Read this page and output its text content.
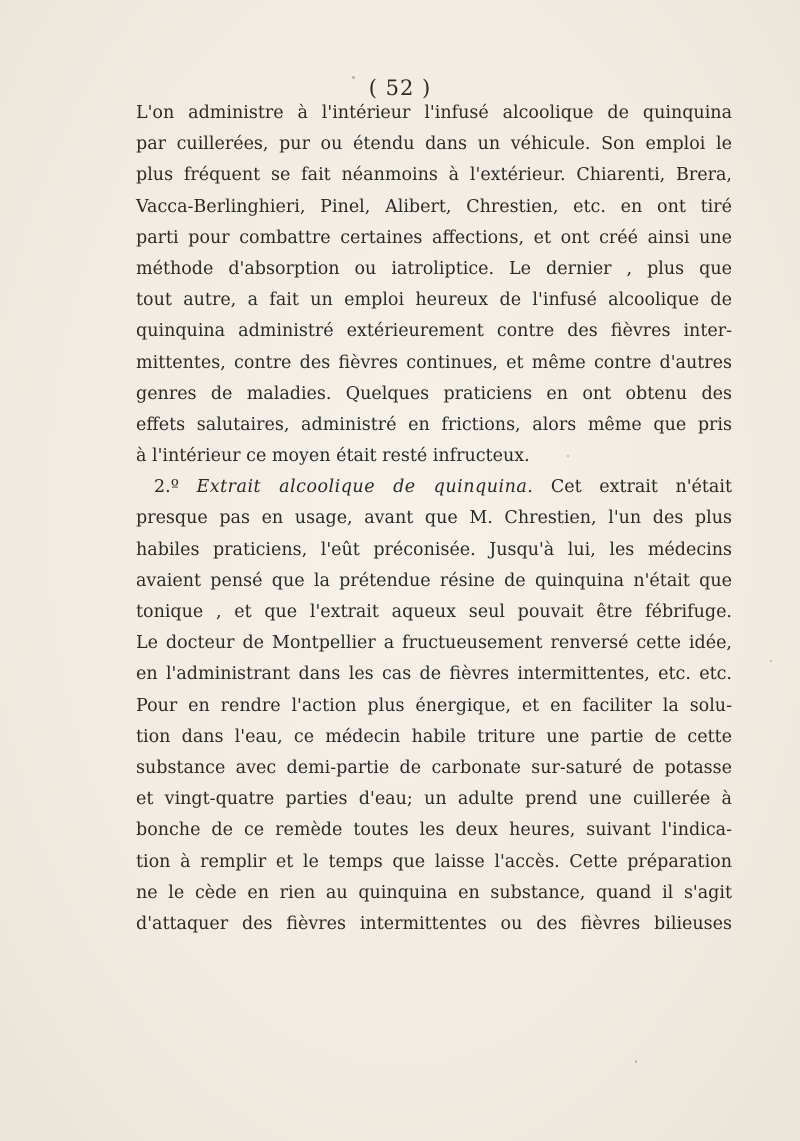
( 52 )
L'on administre à l'intérieur l'infusé alcoolique de quinquina
par cuillerées, pur ou étendu dans un véhicule. Son emploi le
plus fréquent se fait néanmoins à l'extérieur. Chiarenti, Brera,
Vacca-Berlinghieri, Pinel, Alibert, Chrestien, etc. en ont tiré
parti pour combattre certaines affections, et ont créé ainsi une
méthode d'absorption ou iatroliptice. Le dernier , plus que
tout autre, a fait un emploi heureux de l'infusé alcoolique de
quinquina administré extérieurement contre des fièvres inter-
mittentes, contre des fièvres continues, et même contre d'autres
genres de maladies. Quelques praticiens en ont obtenu des
effets salutaires, administré en frictions, alors même que pris
à l'intérieur ce moyen était resté infructeux.
2.º Extrait alcoolique de quinquina. Cet extrait n'était
presque pas en usage, avant que M. Chrestien, l'un des plus
habiles praticiens, l'eût préconisée. Jusqu'à lui, les médecins
avaient pensé que la prétendue résine de quinquina n'était que
tonique , et que l'extrait aqueux seul pouvait être fébrifuge.
Le docteur de Montpellier a fructueusement renversé cette idée,
en l'administrant dans les cas de fièvres intermittentes, etc. etc.
Pour en rendre l'action plus énergique, et en faciliter la solu-
tion dans l'eau, ce médecin habile triture une partie de cette
substance avec demi-partie de carbonate sur-saturé de potasse
et vingt-quatre parties d'eau; un adulte prend une cuillerée à
bonche de ce remède toutes les deux heures, suivant l'indica-
tion à remplir et le temps que laisse l'accès. Cette préparation
ne le cède en rien au quinquina en substance, quand il s'agit
d'attaquer des fièvres intermittentes ou des fièvres bilieuses
